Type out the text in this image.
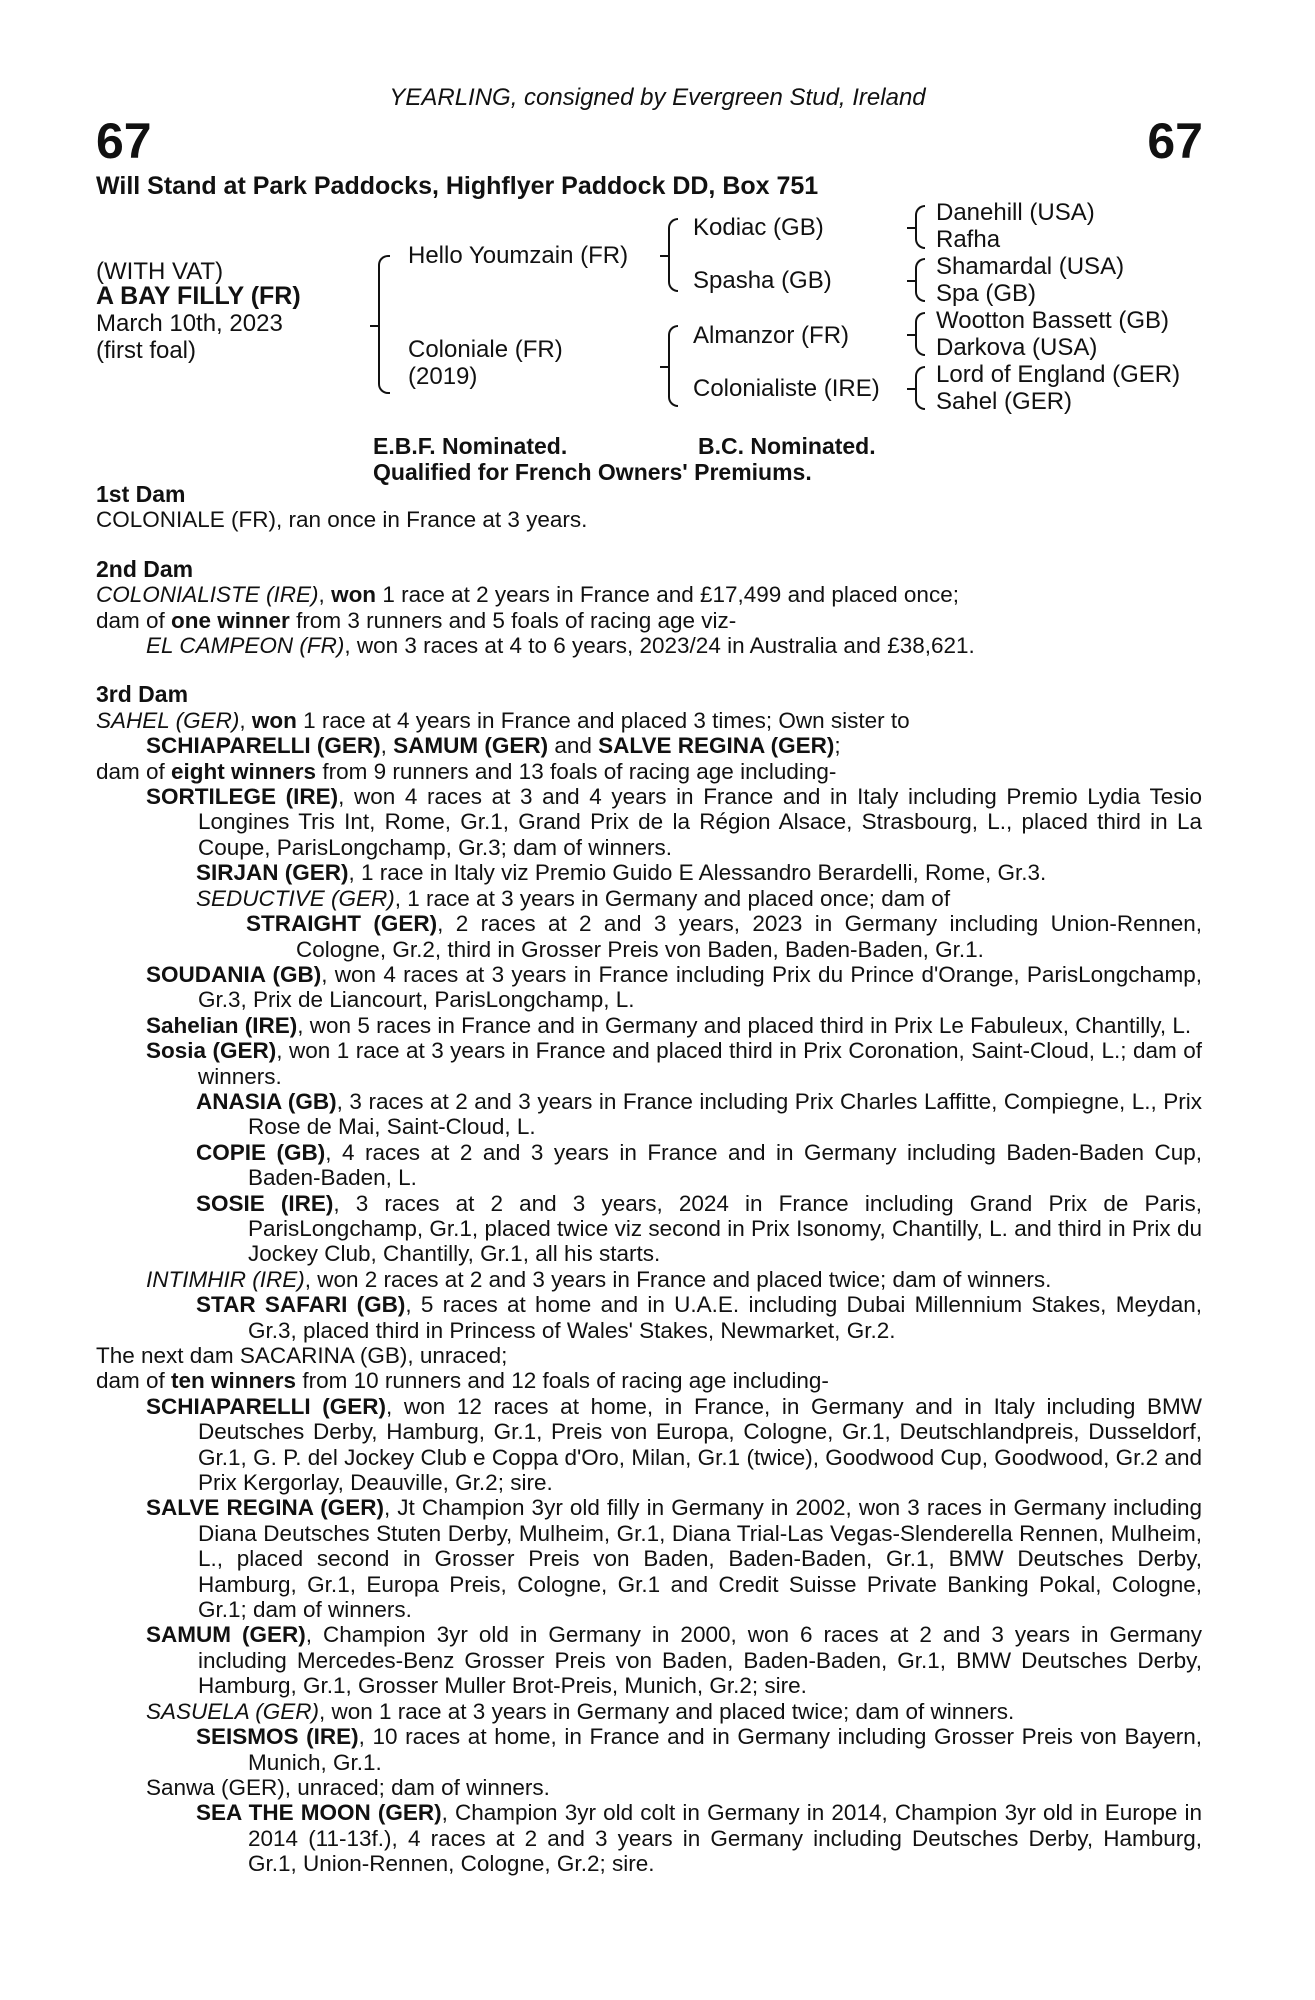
YEARLING, consigned by Evergreen Stud, Ireland
67	67
Will Stand at Park Paddocks, Highflyer Paddock DD, Box 751
(WITH VAT)
A BAY FILLY (FR)
March 10th, 2023
(first foal)
Hello Youmzain (FR)
Coloniale (FR)
(2019)
Kodiac (GB)
Spasha (GB)
Almanzor (FR)
Colonialiste (IRE)
Danehill (USA)
Rafha
Shamardal (USA)
Spa (GB)
Wootton Bassett (GB)
Darkova (USA)
Lord of England (GER)
Sahel (GER)
E.B.F. Nominated.	B.C. Nominated.
Qualified for French Owners' Premiums.
1st Dam
COLONIALE (FR), ran once in France at 3 years.
2nd Dam
COLONIALISTE (IRE), won 1 race at 2 years in France and £17,499 and placed once;
dam of one winner from 3 runners and 5 foals of racing age viz-
EL CAMPEON (FR), won 3 races at 4 to 6 years, 2023/24 in Australia and £38,621.
3rd Dam
SAHEL (GER), won 1 race at 4 years in France and placed 3 times; Own sister to
SCHIAPARELLI (GER), SAMUM (GER) and SALVE REGINA (GER);
dam of eight winners from 9 runners and 13 foals of racing age including-
SORTILEGE (IRE), won 4 races at 3 and 4 years in France and in Italy including Premio Lydia Tesio Longines Tris Int, Rome, Gr.1, Grand Prix de la Région Alsace, Strasbourg, L., placed third in La Coupe, ParisLongchamp, Gr.3; dam of winners.
SIRJAN (GER), 1 race in Italy viz Premio Guido E Alessandro Berardelli, Rome, Gr.3.
SEDUCTIVE (GER), 1 race at 3 years in Germany and placed once; dam of
STRAIGHT (GER), 2 races at 2 and 3 years, 2023 in Germany including Union-Rennen, Cologne, Gr.2, third in Grosser Preis von Baden, Baden-Baden, Gr.1.
SOUDANIA (GB), won 4 races at 3 years in France including Prix du Prince d'Orange, ParisLongchamp, Gr.3, Prix de Liancourt, ParisLongchamp, L.
Sahelian (IRE), won 5 races in France and in Germany and placed third in Prix Le Fabuleux, Chantilly, L.
Sosia (GER), won 1 race at 3 years in France and placed third in Prix Coronation, Saint-Cloud, L.; dam of winners.
ANASIA (GB), 3 races at 2 and 3 years in France including Prix Charles Laffitte, Compiegne, L., Prix Rose de Mai, Saint-Cloud, L.
COPIE (GB), 4 races at 2 and 3 years in France and in Germany including Baden-Baden Cup, Baden-Baden, L.
SOSIE (IRE), 3 races at 2 and 3 years, 2024 in France including Grand Prix de Paris, ParisLongchamp, Gr.1, placed twice viz second in Prix Isonomy, Chantilly, L. and third in Prix du Jockey Club, Chantilly, Gr.1, all his starts.
INTIMHIR (IRE), won 2 races at 2 and 3 years in France and placed twice; dam of winners.
STAR SAFARI (GB), 5 races at home and in U.A.E. including Dubai Millennium Stakes, Meydan, Gr.3, placed third in Princess of Wales' Stakes, Newmarket, Gr.2.
The next dam SACARINA (GB), unraced;
dam of ten winners from 10 runners and 12 foals of racing age including-
SCHIAPARELLI (GER), won 12 races at home, in France, in Germany and in Italy including BMW Deutsches Derby, Hamburg, Gr.1, Preis von Europa, Cologne, Gr.1, Deutschlandpreis, Dusseldorf, Gr.1, G. P. del Jockey Club e Coppa d'Oro, Milan, Gr.1 (twice), Goodwood Cup, Goodwood, Gr.2 and Prix Kergorlay, Deauville, Gr.2; sire.
SALVE REGINA (GER), Jt Champion 3yr old filly in Germany in 2002, won 3 races in Germany including Diana Deutsches Stuten Derby, Mulheim, Gr.1, Diana Trial-Las Vegas-Slenderella Rennen, Mulheim, L., placed second in Grosser Preis von Baden, Baden-Baden, Gr.1, BMW Deutsches Derby, Hamburg, Gr.1, Europa Preis, Cologne, Gr.1 and Credit Suisse Private Banking Pokal, Cologne, Gr.1; dam of winners.
SAMUM (GER), Champion 3yr old in Germany in 2000, won 6 races at 2 and 3 years in Germany including Mercedes-Benz Grosser Preis von Baden, Baden-Baden, Gr.1, BMW Deutsches Derby, Hamburg, Gr.1, Grosser Muller Brot-Preis, Munich, Gr.2; sire.
SASUELA (GER), won 1 race at 3 years in Germany and placed twice; dam of winners.
SEISMOS (IRE), 10 races at home, in France and in Germany including Grosser Preis von Bayern, Munich, Gr.1.
Sanwa (GER), unraced; dam of winners.
SEA THE MOON (GER), Champion 3yr old colt in Germany in 2014, Champion 3yr old in Europe in 2014 (11-13f.), 4 races at 2 and 3 years in Germany including Deutsches Derby, Hamburg, Gr.1, Union-Rennen, Cologne, Gr.2; sire.
